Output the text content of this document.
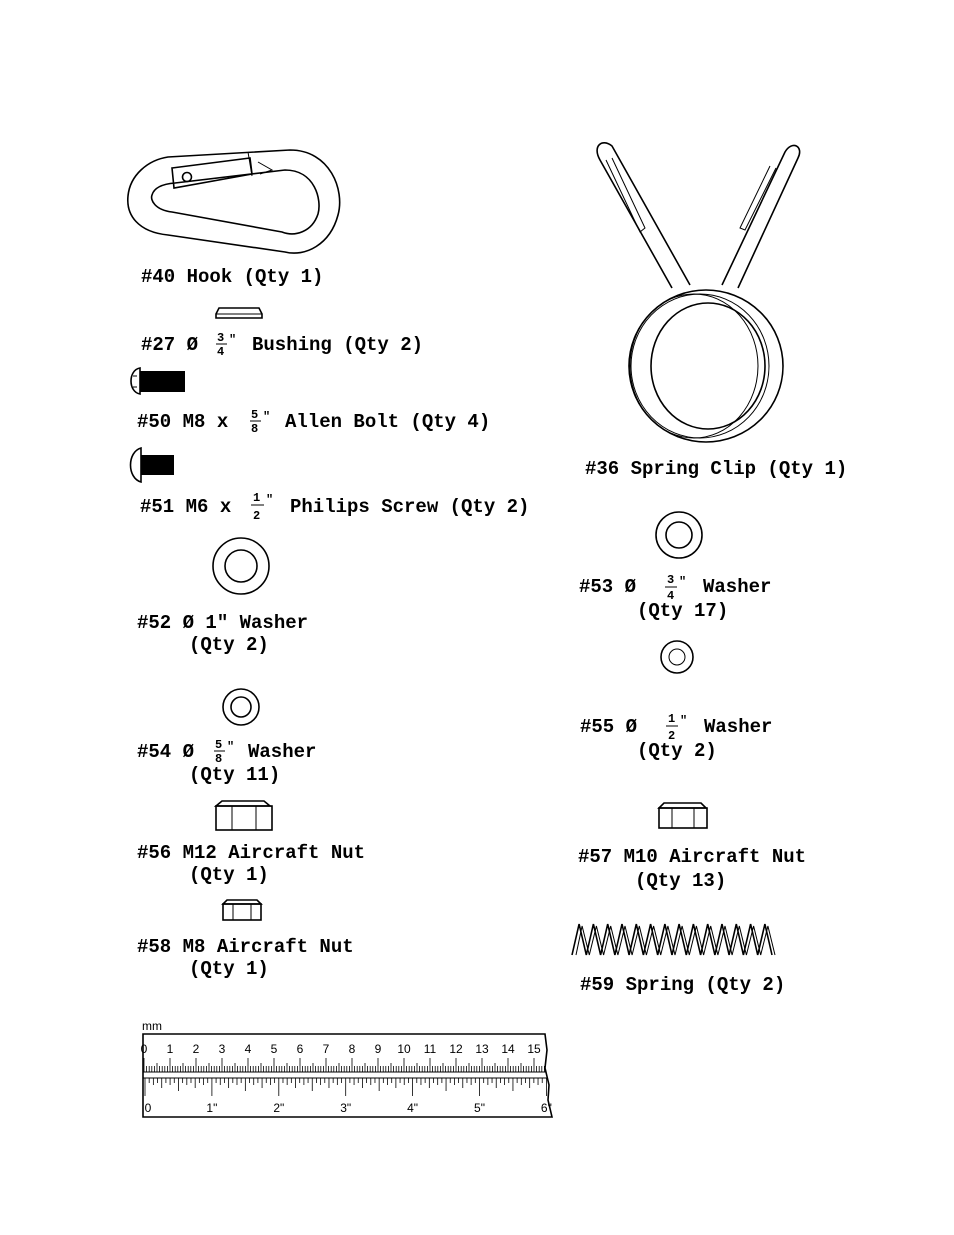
#40 Hook (Qty 1)
#27 Ø 3
4
" Bushing (Qty 2)
#50 M8 x 5
8
" Allen Bolt (Qty 4)
#51 M6 x 1
2
" Philips Screw (Qty 2)
#52 Ø 1" Washer
(Qty 2)
#54 Ø 5
8
" Washer
(Qty 11)
#56 M12 Aircraft Nut
(Qty 1)
#58 M8 Aircraft Nut
(Qty 1)
#36 Spring Clip (Qty 1)
#53 Ø	3
4
" Washer
(Qty 17)
#55 Ø	1
2
" Washer
(Qty 2)
#57 M10 Aircraft Nut
(Qty 13)
#59 Spring (Qty 2)
mm
0 1 2 3 4 5 6 7 8 9 10 11 12 13 14 15
0	1"	2"	3"	4"	5"	6"
